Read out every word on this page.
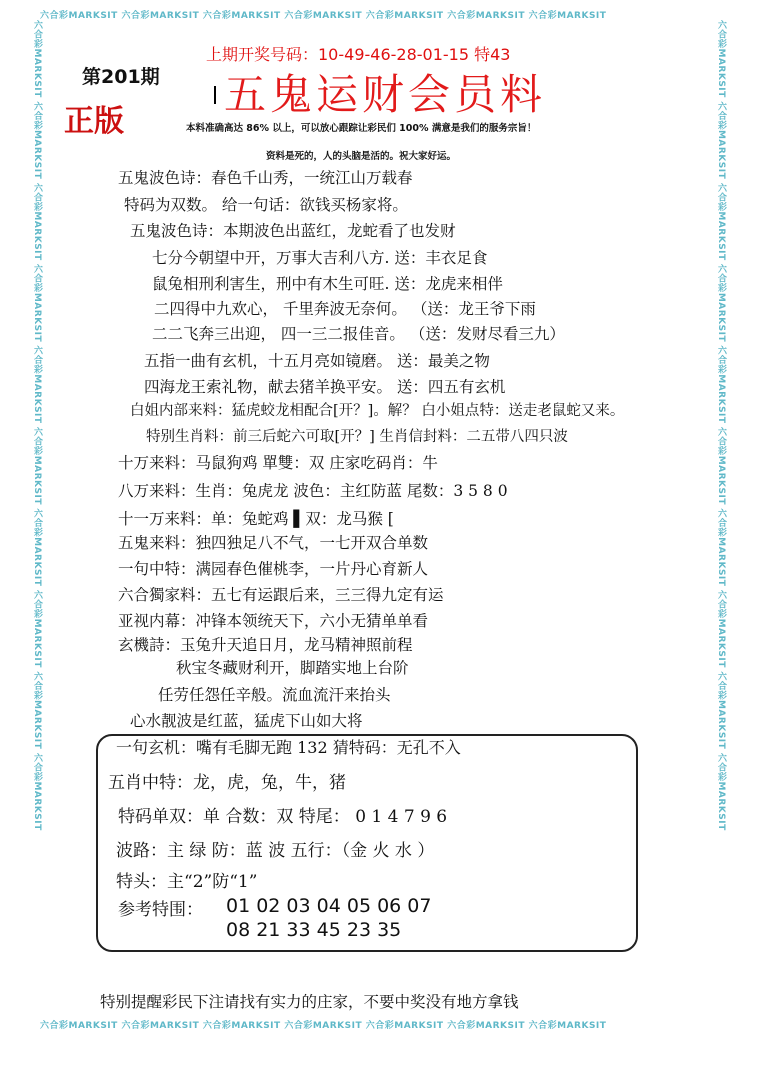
六合彩MARKSIT 六合彩MARKSIT 六合彩MARKSIT 六合彩MARKSIT 六合彩MARKSIT 六合彩MARKSIT 六合彩MARKSIT
六合彩MARKSIT 六合彩MARKSIT 六合彩MARKSIT 六合彩MARKSIT 六合彩MARKSIT 六合彩MARKSIT 六合彩MARKSIT
六合彩MARKSIT 六合彩MARKSIT 六合彩MARKSIT 六合彩MARKSIT 六合彩MARKSIT 六合彩MARKSIT 六合彩MARKSIT 六合彩MARKSIT 六合彩MARKSIT 六合彩MARKSIT
六合彩MARKSIT 六合彩MARKSIT 六合彩MARKSIT 六合彩MARKSIT 六合彩MARKSIT 六合彩MARKSIT 六合彩MARKSIT 六合彩MARKSIT 六合彩MARKSIT 六合彩MARKSIT
上期开奖号码：10-49-46-28-01-15 特43
第201期 五鬼运财会员料
正版	本料准确高达 86% 以上，可以放心跟踪让彩民们 100% 满意是我们的服务宗旨！
资料是死的，人的头脑是活的。祝大家好运。
五鬼波色诗：春色千山秀，一统江山万载春
特码为双数。 给一句话：欲钱买杨家将。
五鬼波色诗：本期波色出蓝红，龙蛇看了也发财
七分今朝望中开，万事大吉利八方. 送：丰衣足食
鼠兔相刑利害生，刑中有木生可旺. 送：龙虎来相伴
二四得中九欢心， 千里奔波无奈何。 （送：龙王爷下雨
二二飞奔三出迎， 四一三二报佳音。 （送：发财尽看三九）
五指一曲有玄机，十五月亮如镜磨。 送：最美之物
四海龙王索礼物，献去猪羊换平安。 送：四五有玄机
白姐内部来料：猛虎蛟龙相配合[开？]。解？ 白小姐点特：送走老鼠蛇又来。
特别生肖料：前三后蛇六可取[开？] 生肖信封料：二五带八四只波
十万来料：马鼠狗鸡 單雙：双 庄家吃码肖：牛
八万来料：生肖：兔虎龙 波色：主红防蓝 尾数：3 5 8 0
十一万来料：单：兔蛇鸡 ▌双：龙马猴 [
五鬼来料：独四独足八不气，一七开双合单数
一句中特：满园春色催桃李，一片丹心育新人
六合獨家料：五七有运跟后来，三三得九定有运
亚视内幕：冲锋本领统天下，六小无猜单单看
玄機詩：玉兔升天追日月，龙马精神照前程
秋宝冬藏财利开，脚踏实地上台阶
任劳任怨任辛般。流血流汗来抬头
心水靓波是红蓝，猛虎下山如大将
一句玄机：嘴有毛脚无跑 132 猜特码：无孔不入
五肖中特：龙，虎，兔，牛，猪
特码单双：单 合数：双 特尾： 0 1 4 7 9 6
波路：主 绿 防：蓝 波 五行：（金 火 水 ）
特头：主“2”防“1”
参考特围： 01 02 03 04 05 06 07
08 21 33 45 23 35
特别提醒彩民下注请找有实力的庄家，不要中奖没有地方拿钱
